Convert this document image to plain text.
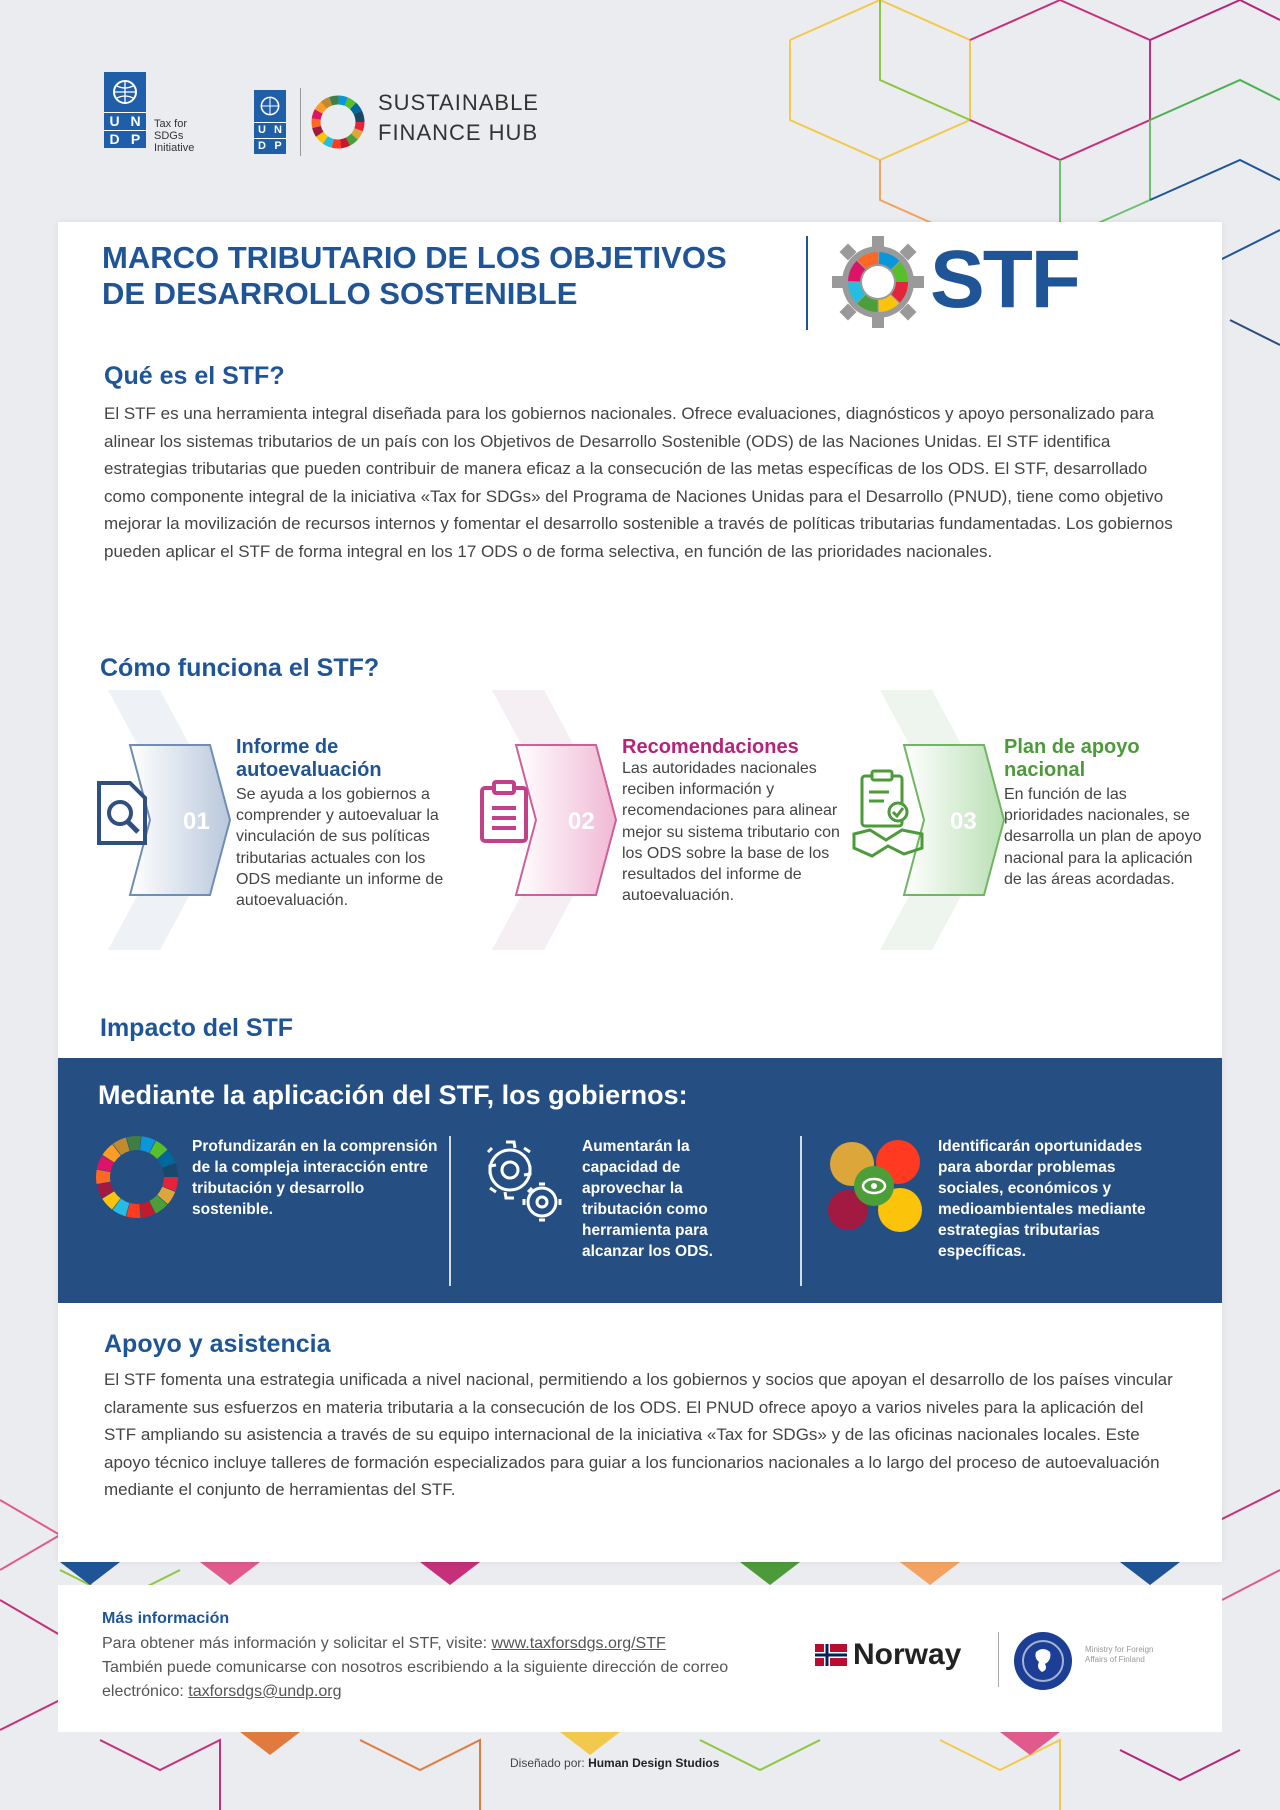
U N
D P
Tax for SDGs Initiative
U N
D P
SUSTAINABLE
FINANCE HUB
MARCO TRIBUTARIO DE LOS OBJETIVOS
DE DESARROLLO SOSTENIBLE	STF
Qué es el STF?

El STF es una herramienta integral diseñada para los gobiernos nacionales. Ofrece evaluaciones, diagnósticos y apoyo personalizado para alinear los sistemas tributarios de un país con los Objetivos de Desarrollo Sostenible (ODS) de las Naciones Unidas. El STF identifica estrategias tributarias que pueden contribuir de manera eficaz a la consecución de las metas específicas de los ODS. El STF, desarrollado como componente integral de la iniciativa «Tax for SDGs» del Programa de Naciones Unidas para el Desarrollo (PNUD), tiene como objetivo mejorar la movilización de recursos internos y fomentar el desarrollo sostenible a través de políticas tributarias fundamentadas. Los gobiernos pueden aplicar el STF de forma integral en los 17 ODS o de forma selectiva, en función de las prioridades nacionales.

Cómo funciona el STF?
01	02	03
Informe de autoevaluación
Se ayuda a los gobiernos a comprender y autoevaluar la vinculación de sus políticas tributarias actuales con los ODS mediante un informe de autoevaluación.
Recomendaciones
Las autoridades nacionales reciben información y recomendaciones para alinear mejor su sistema tributario con los ODS sobre la base de los resultados del informe de autoevaluación.
Plan de apoyo nacional
En función de las prioridades nacionales, se desarrolla un plan de apoyo nacional para la aplicación de las áreas acordadas.
Impacto del STF
Mediante la aplicación del STF, los gobiernos:
Profundizarán en la comprensión de la compleja interacción entre tributación y desarrollo sostenible.
Aumentarán la capacidad de aprovechar la tributación como herramienta para alcanzar los ODS.
Identificarán oportunidades para abordar problemas sociales, económicos y medioambientales mediante estrategias tributarias específicas.
Apoyo y asistencia

El STF fomenta una estrategia unificada a nivel nacional, permitiendo a los gobiernos y socios que apoyan el desarrollo de los países vincular claramente sus esfuerzos en materia tributaria a la consecución de los ODS. El PNUD ofrece apoyo a varios niveles para la aplicación del STF ampliando su asistencia a través de su equipo internacional de la iniciativa «Tax for SDGs» y de las oficinas nacionales locales. Este apoyo técnico incluye talleres de formación especializados para guiar a los funcionarios nacionales a lo largo del proceso de autoevaluación mediante el conjunto de herramientas del STF.

Más información
Para obtener más información y solicitar el STF, visite: www.taxforsdgs.org/STF
También puede comunicarse con nosotros escribiendo a la siguiente dirección de correo electrónico: taxforsdgs@undp.org
Norway	Ministry for Foreign Affairs of Finland
Diseñado por: Human Design Studios
